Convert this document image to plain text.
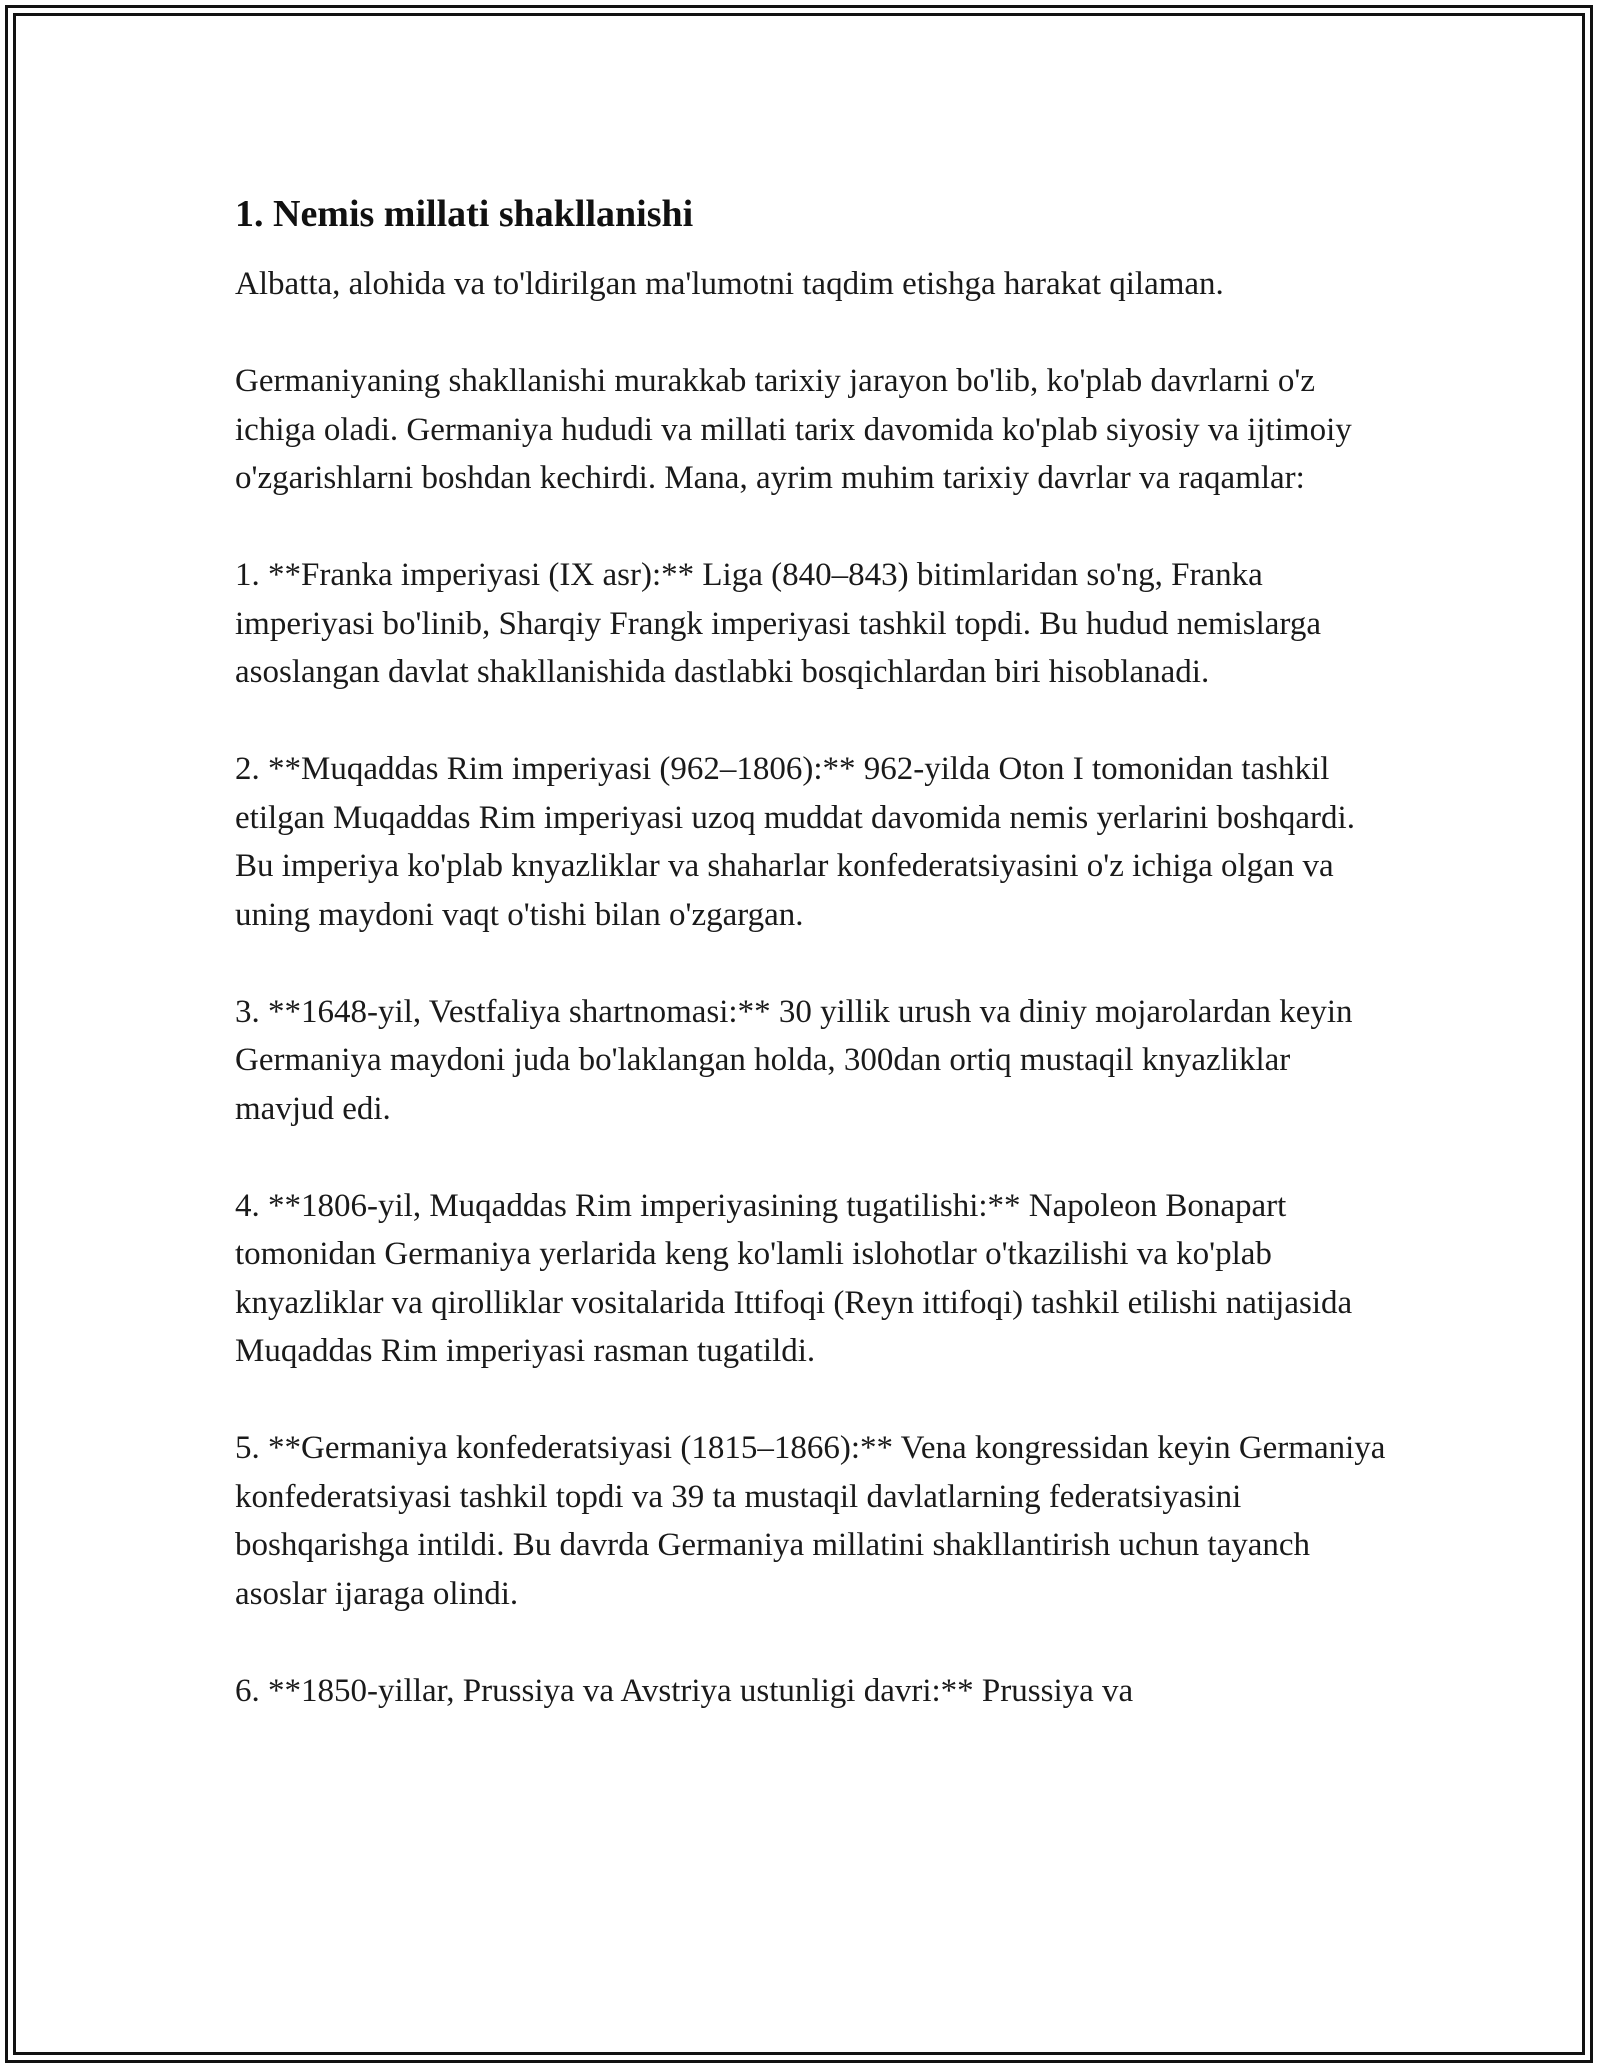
1. Nemis millati shakllanishi

Albatta, alohida va to'ldirilgan ma'lumotni taqdim etishga harakat qilaman.

Germaniyaning shakllanishi murakkab tarixiy jarayon bo'lib, ko'plab davrlarni o'z ichiga oladi. Germaniya hududi va millati tarix davomida ko'plab siyosiy va ijtimoiy o'zgarishlarni boshdan kechirdi. Mana, ayrim muhim tarixiy davrlar va raqamlar:

1. **Franka imperiyasi (IX asr):** Liga (840–843) bitimlaridan so'ng, Franka imperiyasi bo'linib, Sharqiy Frangk imperiyasi tashkil topdi. Bu hudud nemislarga asoslangan davlat shakllanishida dastlabki bosqichlardan biri hisoblanadi.

2. **Muqaddas Rim imperiyasi (962–1806):** 962-yilda Oton I tomonidan tashkil etilgan Muqaddas Rim imperiyasi uzoq muddat davomida nemis yerlarini boshqardi. Bu imperiya ko'plab knyazliklar va shaharlar konfederatsiyasini o'z ichiga olgan va uning maydoni vaqt o'tishi bilan o'zgargan.

3. **1648-yil, Vestfaliya shartnomasi:** 30 yillik urush va diniy mojarolardan keyin Germaniya maydoni juda bo'laklangan holda, 300dan ortiq mustaqil knyazliklar mavjud edi.

4. **1806-yil, Muqaddas Rim imperiyasining tugatilishi:** Napoleon Bonapart tomonidan Germaniya yerlarida keng ko'lamli islohotlar o'tkazilishi va ko'plab knyazliklar va qirolliklar vositalarida Ittifoqi (Reyn ittifoqi) tashkil etilishi natijasida Muqaddas Rim imperiyasi rasman tugatildi.

5. **Germaniya konfederatsiyasi (1815–1866):** Vena kongressidan keyin Germaniya konfederatsiyasi tashkil topdi va 39 ta mustaqil davlatlarning federatsiyasini boshqarishga intildi. Bu davrda Germaniya millatini shakllantirish uchun tayanch asoslar ijaraga olindi.

6. **1850-yillar, Prussiya va Avstriya ustunligi davri:** Prussiya va
